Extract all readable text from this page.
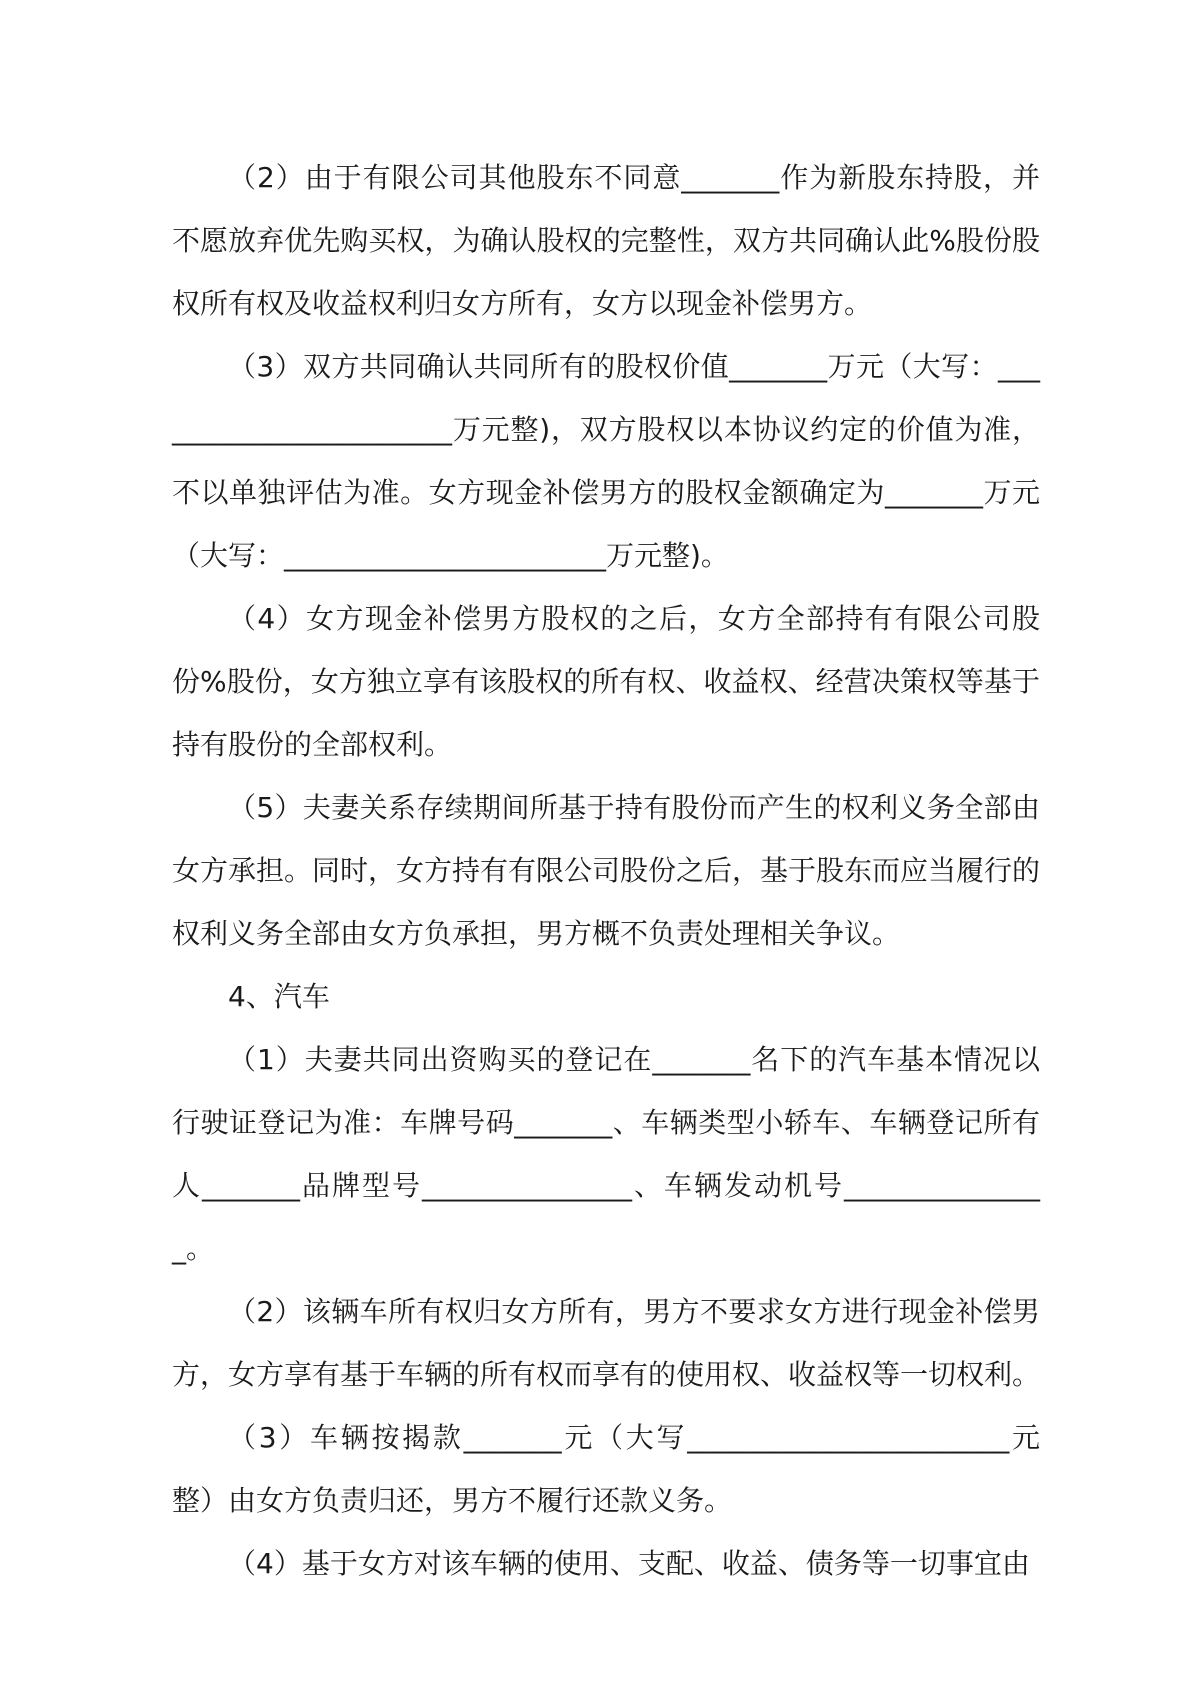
（2）由于有限公司其他股东不同意_______作为新股东持股，并不愿放弃优先购买权，为确认股权的完整性，双方共同确认此%股份股权所有权及收益权利归女方所有，女方以现金补偿男方。

（3）双方共同确认共同所有的股权价值_______万元（大写：_______________________万元整)，双方股权以本协议约定的价值为准，不以单独评估为准。女方现金补偿男方的股权金额确定为_______万元（大写：_______________________万元整)。

（4）女方现金补偿男方股权的之后，女方全部持有有限公司股份%股份，女方独立享有该股权的所有权、收益权、经营决策权等基于持有股份的全部权利。

（5）夫妻关系存续期间所基于持有股份而产生的权利义务全部由女方承担。同时，女方持有有限公司股份之后，基于股东而应当履行的权利义务全部由女方负承担，男方概不负责处理相关争议。

4、汽车

（1）夫妻共同出资购买的登记在_______名下的汽车基本情况以行驶证登记为准：车牌号码_______、车辆类型小轿车、车辆登记所有人_______品牌型号_______________、车辆发动机号_______________。

（2）该辆车所有权归女方所有，男方不要求女方进行现金补偿男方，女方享有基于车辆的所有权而享有的使用权、收益权等一切权利。

（3）车辆按揭款_______元（大写_______________________元整）由女方负责归还，男方不履行还款义务。

（4）基于女方对该车辆的使用、支配、收益、债务等一切事宜由
